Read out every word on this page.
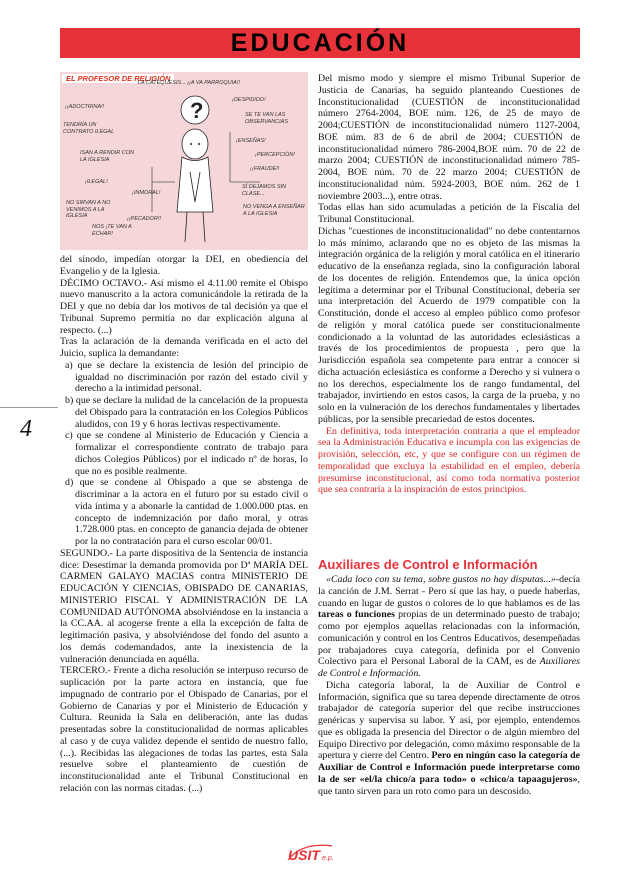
EDUCACIÓN
4
?
EL PROFESOR DE RELIGIÓN
LA CATEQUESIS... ¡¡A VA PARROQUIA!!
¡¡ADOCTRINA!!
TENDRÍA UN CONTRATO ILEGAL
ISAN A RENDIR CON LA IGLESIA
¡ILEGAL!
NO SIRVAN A NO VENIMOS A LA IGLESIA
NOS ¡TE VAN A ECHAR!
¡DESPIDIDO!
SE TE VAN LAS OBSERVANCIAS
¡ENSEÑAS!
¡PERCEPCIÓN!
¡¡FRAUDE!!
¡INMORAL!
SÍ DEJAMOS SIN CLASE...
NO VENGA A ENSEÑAR A LA IGLESIA
¡¡PECADOR!!

del sínodo, impedían otorgar la DEI, en obediencia del Evangelio y de la Iglesia.

DÉCIMO OCTAVO.- Así mismo el 4.11.00 remite el Obispo nuevo manuscrito a la actora comunicándole la retirada de la DEI y que no debía dar los motivos de tal decisión ya que el Tribunal Supremo permitía no dar explicación alguna al respecto. (...)

Tras la aclaración de la demanda verificada en el acto del Juicio, suplica la demandante:

a) que se declare la existencia de lesión del principio de igualdad no discriminación por razón del estado civil y derecho a la intimidad personal.

b) que se declare la nulidad de la cancelación de la propuesta del Obispado para la contratación en los Colegios Públicos aludidos, con 19 y 6 horas lectivas respectivamente.

c) que se condene al Ministerio de Educación y Ciencia a formalizar el correspondiente contrato de trabajo para dichos Colegios Públicos) por el indicado nº de horas, lo que no es posible realmente.

d) que se condene al Obispado a que se abstenga de discriminar a la actora en el futuro por su estado civil o vida íntima y a abonarle la cantidad de 1.000.000 ptas. en concepto de indemnización por daño moral, y otras 1.728.000 ptas. en concepto de ganancia dejada de obtener por la no contratación para el curso escolar 00/01.

SEGUNDO.- La parte dispositiva de la Sentencia de instancia dice: Desestimar la demanda promovida por Dª MARÍA DEL CARMEN GALAYO MACIAS contra MINISTERIO DE EDUCACIÓN Y CIENCIAS, OBISPADO DE CANARIAS, MINISTERIO FISCAL Y ADMINISTRACIÓN DE LA COMUNIDAD AUTÓNOMA absolviéndose en la instancia a la CC.AA. al acogerse frente a ella la excepción de falta de legitimación pasiva, y absolviéndose del fondo del asunto a los demás codemandados, ante la inexistencia de la vulneración denunciada en aquélla.

TERCERO.- Frente a dicha resolución se interpuso recurso de suplicación por la parte actora en instancia, que fue impugnado de contrario por el Obispado de Canarias, por el Gobierno de Canarias y por el Ministerio de Educación y Cultura. Reunida la Sala en deliberación, ante las dudas presentadas sobre la constitucionalidad de normas aplicables al caso y de cuya validez depende el sentido de nuestro fallo, (...). Recibidas las alegaciones de todas las partes, esta Sala resuelve sobre el planteamiento de cuestión de inconstitucionalidad ante el Tribunal Constitucional en relación con las normas citadas. (...)

Del mismo modo y siempre el mismo Tribunal Superior de Justicia de Canarias, ha seguido planteando Cuestiones de Inconstitucionalidad (CUESTIÓN de inconstitucionalidad número 2764-2004, BOE núm. 126, de 25 de mayo de 2004;CUESTIÓN de inconstitucionalidad número 1127-2004, BOE núm. 83 de 6 de abril de 2004; CUESTIÓN de inconstitucionalidad número 786-2004,BOE núm. 70 de 22 de marzo 2004; CUESTIÓN de inconstitucionalidad número 785-2004, BOE núm. 70 de 22 marzo 2004; CUESTIÓN de inconstitucionalidad núm. 5924-2003, BOE núm. 262 de 1 noviembre 2003...), entre otras.

Todas ellas han sido acumuladas a petición de la Fiscalía del Tribunal Constitucional.

Dichas "cuestiones de inconstitucionalidad" no debe contentarnos lo más mínimo, aclarando que no es objeto de las mismas la integración orgánica de la religión y moral católica en el itinerario educativo de la enseñanza reglada, sino la configuración laboral de los docentes de religión. Entendemos que, la única opción legítima a determinar por el Tribunal Constitucional, debería ser una interpretación del Acuerdo de 1979 compatible con la Constitución, donde el acceso al empleo público como profesor de religión y moral católica puede ser constitucionalmente condicionado a la voluntad de las autoridades eclesiásticas a través de los procedimientos de propuesta , pero que la Jurisdicción española sea competente para entrar a conocer si dicha actuación eclesiástica es conforme a Derecho y si vulnera o no los derechos, especialmente los de rango fundamental, del trabajador, invirtiendo en estos casos, la carga de la prueba, y no solo en la vulneración de los derechos fundamentales y libertades públicas, por la sensible precariedad de estos docentes.

En definitiva, toda interpretación contraria a que el empleador sea la Administración Educativa e incumpla con las exigencias de provisión, selección, etc, y que se configure con un régimen de temporalidad que excluya la estabilidad en el empleo, debería presumirse inconstitucional, así como toda normativa posterior que sea contraria a la inspiración de estos principios.

Auxiliares de Control e Información

«Cada loco con su tema, sobre gustos no hay disputas...»-decía la canción de J.M. Serrat - Pero sí que las hay, o puede haberlas, cuando en lugar de gustos o colores de lo que hablamos es de las tareas o funciones propias de un determinado puesto de trabajo; como por ejemplos aquellas relacionadas con la información, comunicación y control en los Centros Educativos, desempeñadas por trabajadores cuya categoría, definida por el Convenio Colectivo para el Personal Laboral de la CAM, es de Auxiliares de Control e Información.

Dicha categoría laboral, la de Auxiliar de Control e Información, significa que su tarea depende directamente de otros trabajador de categoría superior del que recibe instrucciones genéricas y supervisa su labor. Y así, por ejemplo, entendemos que es obligada la presencia del Director o de algún miembro del Equipo Directivo por delegación, como máximo responsable de la apertura y cierre del Centro. Pero en ningún caso la categoría de Auxiliar de Control e Información puede interpretarse como la de ser «el/la chico/a para todo» o «chico/a tapaagujeros», que tanto sirven para un roto como para un descosido.

USIT e.p.
